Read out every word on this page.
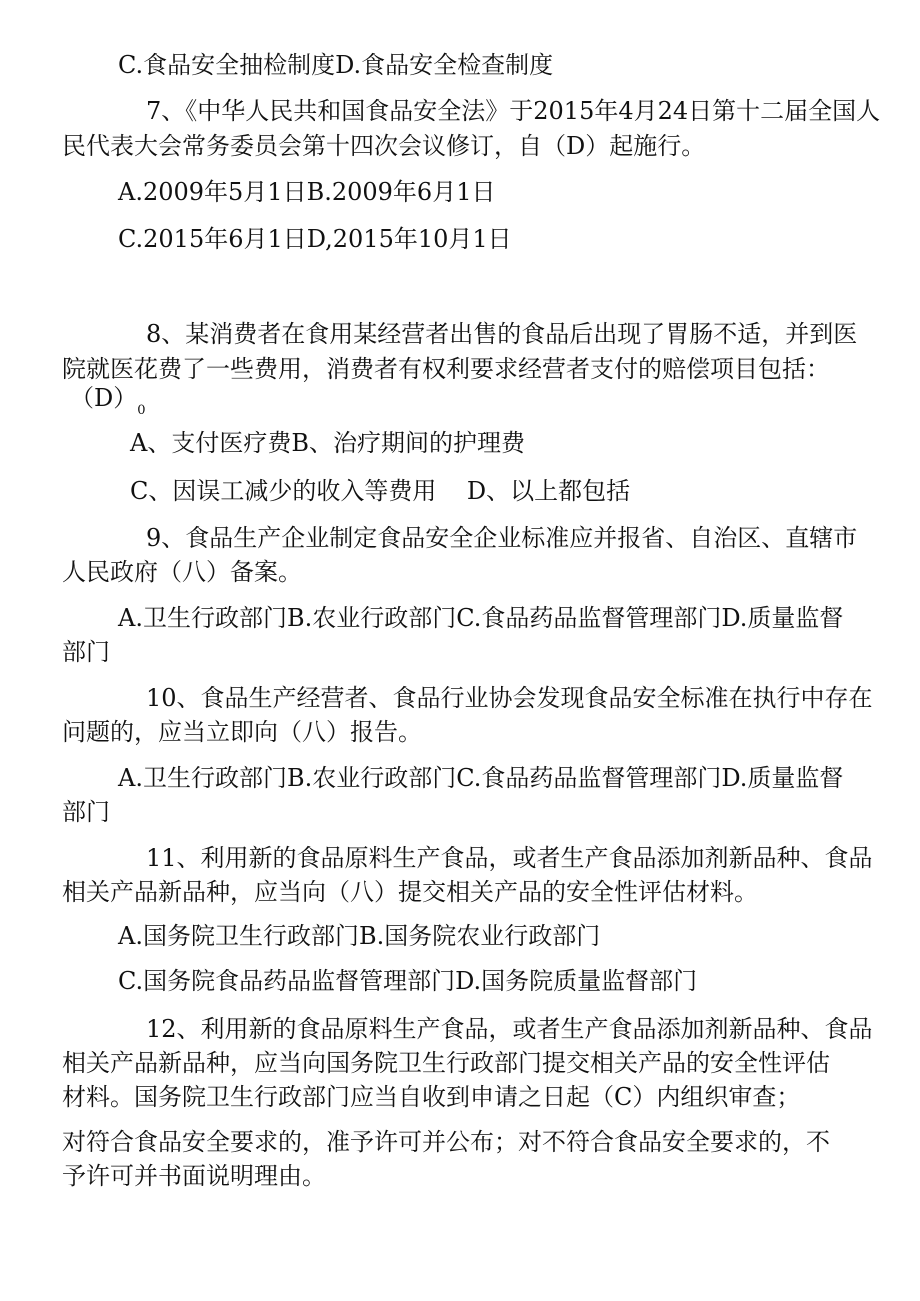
C.食品安全抽检制度D.食品安全检查制度

7、《中华人民共和国食品安全法》于2015年4月24日第十二届全国人

民代表大会常务委员会第十四次会议修订，自（D）起施行。

A.2009年5月1日B.2009年6月1日

C.2015年6月1日D,2015年10月1日

8、某消费者在食用某经营者出售的食品后出现了胃肠不适，并到医

院就医花费了一些费用，消费者有权利要求经营者支付的赔偿项目包括：

$(D)_0$

A、支付医疗费B、治疗期间的护理费

C、因误工减少的收入等费用    D、以上都包括

9、食品生产企业制定食品安全企业标准应并报省、自治区、直辖市

人民政府（八）备案。

A.卫生行政部门B.农业行政部门C.食品药品监督管理部门D.质量监督

部门

10、食品生产经营者、食品行业协会发现食品安全标准在执行中存在

问题的，应当立即向（八）报告。

A.卫生行政部门B.农业行政部门C.食品药品监督管理部门D.质量监督

部门

11、利用新的食品原料生产食品，或者生产食品添加剂新品种、食品

相关产品新品种，应当向（八）提交相关产品的安全性评估材料。

A.国务院卫生行政部门B.国务院农业行政部门

C.国务院食品药品监督管理部门D.国务院质量监督部门

12、利用新的食品原料生产食品，或者生产食品添加剂新品种、食品

相关产品新品种，应当向国务院卫生行政部门提交相关产品的安全性评估

材料。国务院卫生行政部门应当自收到申请之日起（C）内组织审查；

对符合食品安全要求的，准予许可并公布；对不符合食品安全要求的，不

予许可并书面说明理由。
